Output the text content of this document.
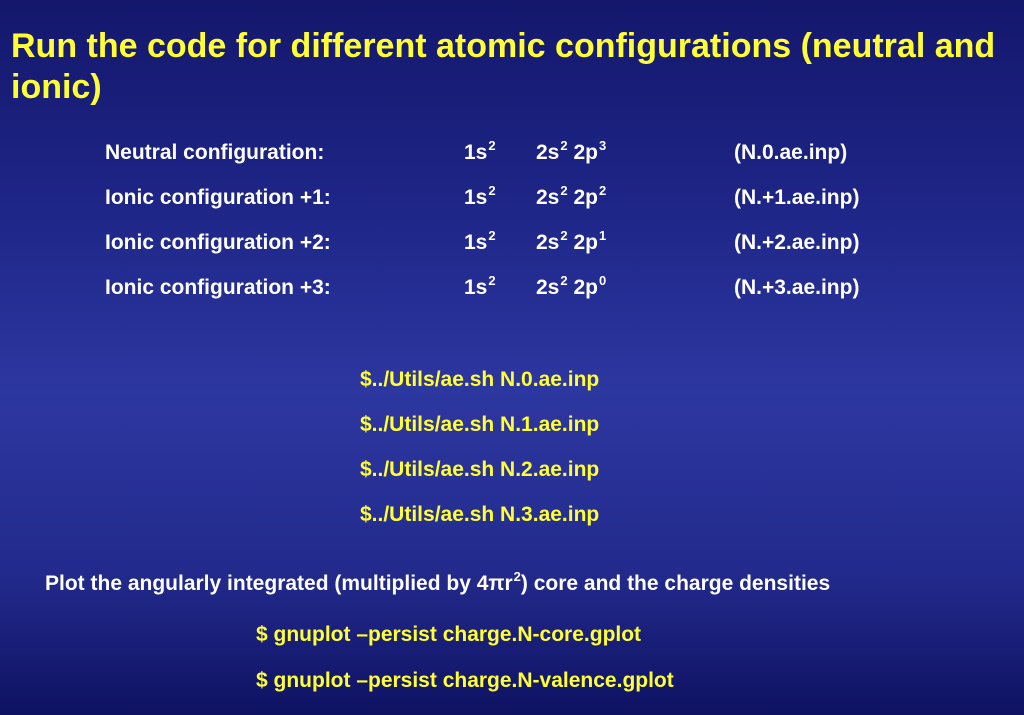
Run the code for different atomic configurations (neutral and ionic)
Neutral configuration:	$1s^2$ $2s^2$ $2p^3$	(N.0.ae.inp)
Ionic configuration +1:	$1s^2$ $2s^2$ $2p^2$	(N.+1.ae.inp)
Ionic configuration +2:	$1s^2$ $2s^2$ $2p^1$	(N.+2.ae.inp)
Ionic configuration +3:	$1s^2$ $2s^2$ $2p^0$	(N.+3.ae.inp)
$../Utils/ae.sh N.0.ae.inp
$../Utils/ae.sh N.1.ae.inp
$../Utils/ae.sh N.2.ae.inp
$../Utils/ae.sh N.3.ae.inp
Plot the angularly integrated (multiplied by $4\pi r^2$) core and the charge densities
$ gnuplot –persist charge.N-core.gplot
$ gnuplot –persist charge.N-valence.gplot
